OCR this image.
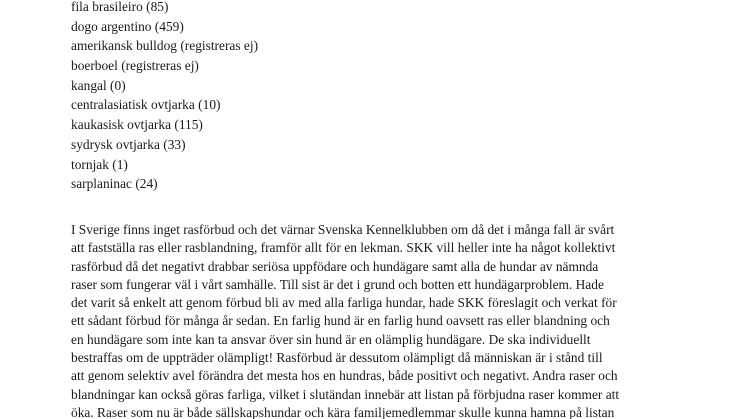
fila brasileiro (85)
dogo argentino (459)
amerikansk bulldog (registreras ej)
boerboel (registreras ej)
kangal (0)
centralasiatisk ovtjarka (10)
kaukasisk ovtjarka (115)
sydrysk ovtjarka (33)
tornjak (1)
sarplaninac (24)

I Sverige finns inget rasförbud och det värnar Svenska Kennelklubben om då det i många fall är svårt
att fastställa ras eller rasblandning, framför allt för en lekman. SKK vill heller inte ha något kollektivt
rasförbud då det negativt drabbar seriösa uppfödare och hundägare samt alla de hundar av nämnda
raser som fungerar väl i vårt samhälle. Till sist är det i grund och botten ett hundägarproblem. Hade
det varit så enkelt att genom förbud bli av med alla farliga hundar, hade SKK föreslagit och verkat för
ett sådant förbud för många år sedan. En farlig hund är en farlig hund oavsett ras eller blandning och
en hundägare som inte kan ta ansvar över sin hund är en olämplig hundägare. De ska individuellt
bestraffas om de uppträder olämpligt! Rasförbud är dessutom olämpligt då människan är i stånd till
att genom selektiv avel förändra det mesta hos en hundras, både positivt och negativt. Andra raser och
blandningar kan också göras farliga, vilket i slutändan innebär att listan på förbjudna raser kommer att
öka. Raser som nu är både sällskapshundar och kära familjemedlemmar skulle kunna hamna på listan
